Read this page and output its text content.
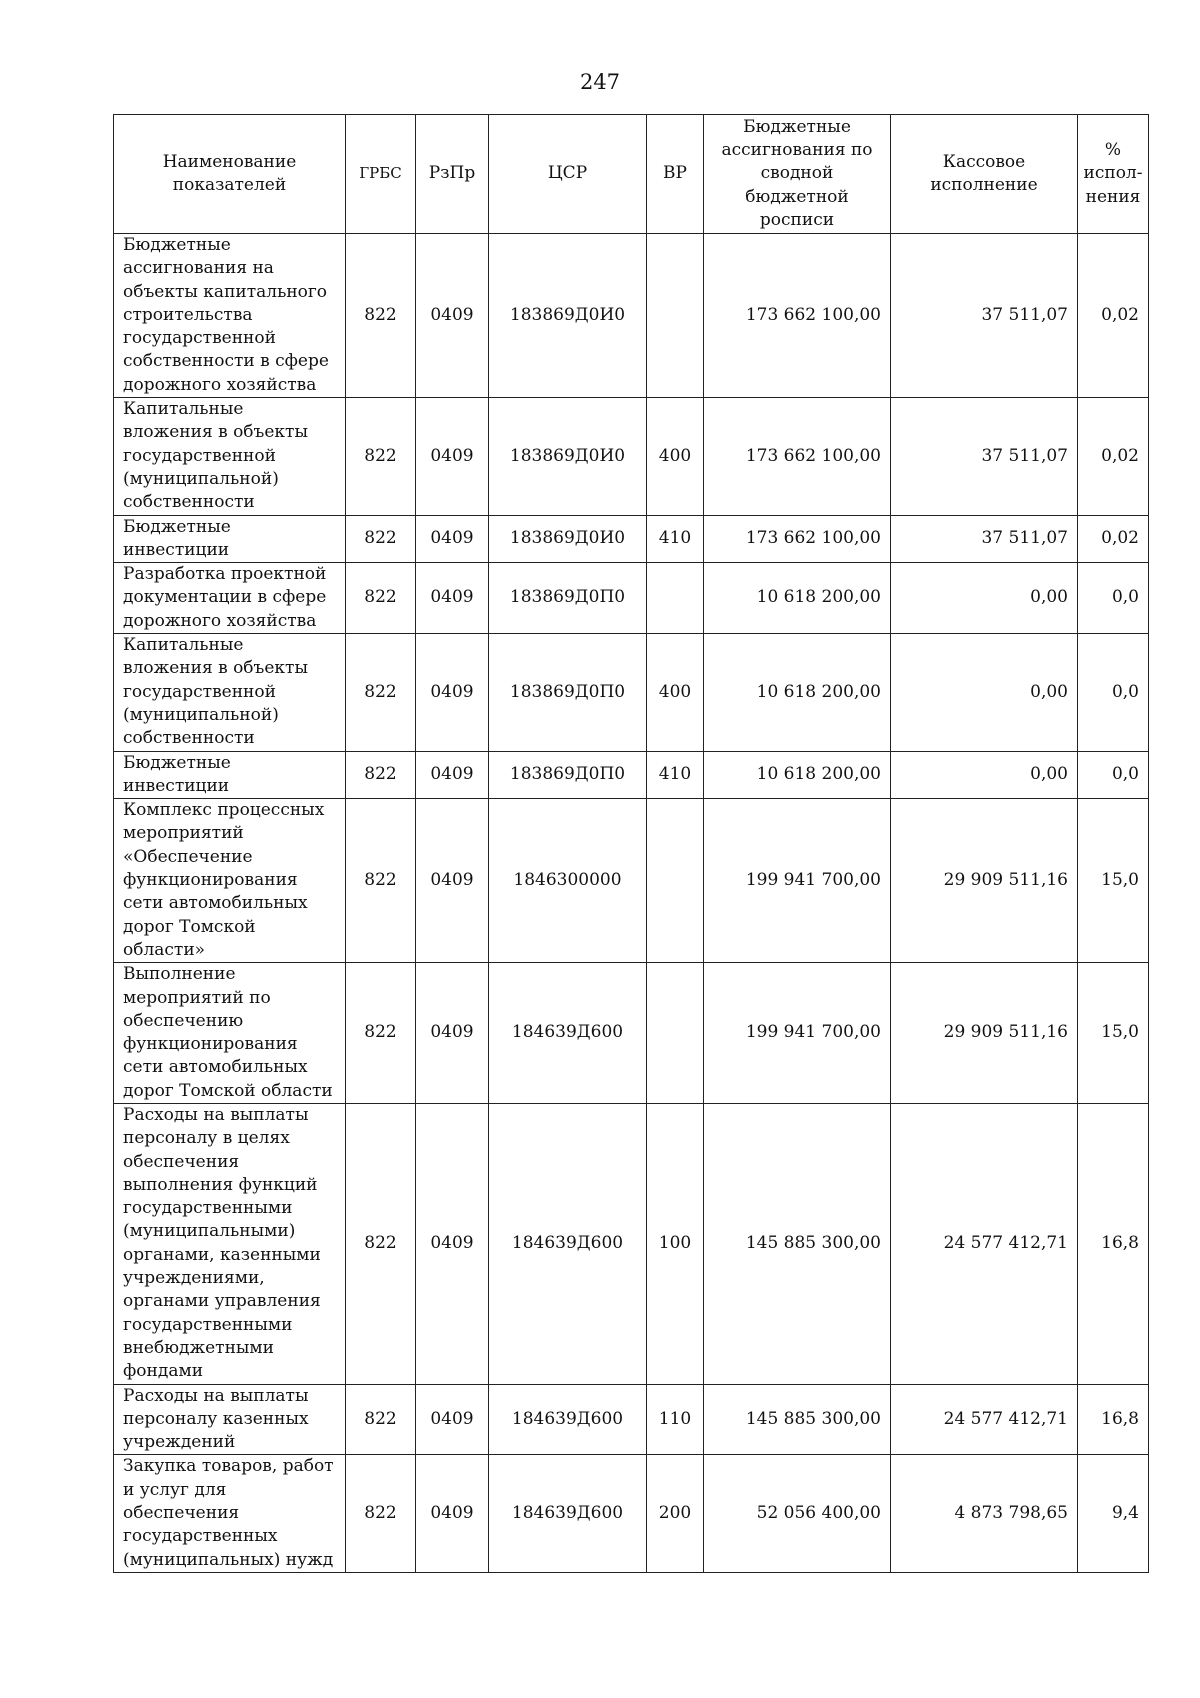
247
Наименование показателей	ГРБС	РзПр	ЦСР	ВР	Бюджетные ассигнования по сводной бюджетной росписи	Кассовое исполнение	% испол-нения
Бюджетные ассигнования на объекты капитального строительства государственной собственности в сфере дорожного хозяйства	822	0409	183869Д0И0		173 662 100,00	37 511,07	0,02
Капитальные вложения в объекты государственной (муниципальной) собственности	822	0409	183869Д0И0	400	173 662 100,00	37 511,07	0,02
Бюджетные инвестиции	822	0409	183869Д0И0	410	173 662 100,00	37 511,07	0,02
Разработка проектной документации в сфере дорожного хозяйства	822	0409	183869Д0П0		10 618 200,00	0,00	0,0
Капитальные вложения в объекты государственной (муниципальной) собственности	822	0409	183869Д0П0	400	10 618 200,00	0,00	0,0
Бюджетные инвестиции	822	0409	183869Д0П0	410	10 618 200,00	0,00	0,0
Комплекс процессных мероприятий «Обеспечение функционирования сети автомобильных дорог Томской области»	822	0409	1846300000		199 941 700,00	29 909 511,16	15,0
Выполнение мероприятий по обеспечению функционирования сети автомобильных дорог Томской области	822	0409	184639Д600		199 941 700,00	29 909 511,16	15,0
Расходы на выплаты персоналу в целях обеспечения выполнения функций государственными (муниципальными) органами, казенными учреждениями, органами управления государственными внебюджетными фондами	822	0409	184639Д600	100	145 885 300,00	24 577 412,71	16,8
Расходы на выплаты персоналу казенных учреждений	822	0409	184639Д600	110	145 885 300,00	24 577 412,71	16,8
Закупка товаров, работ и услуг для обеспечения государственных (муниципальных) нужд	822	0409	184639Д600	200	52 056 400,00	4 873 798,65	9,4
